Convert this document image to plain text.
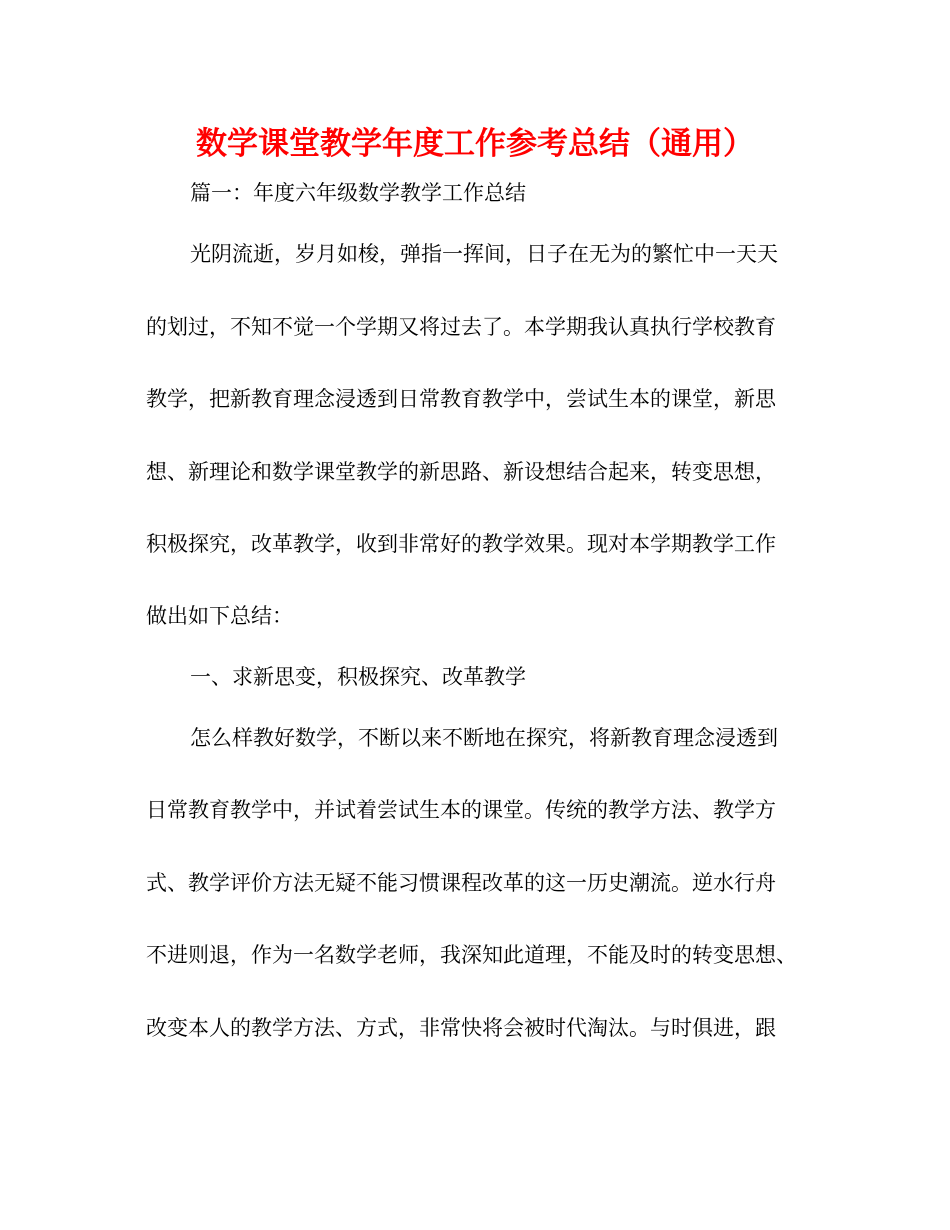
数学课堂教学年度工作参考总结（通用）
篇一：年度六年级数学教学工作总结
光阴流逝，岁月如梭，弹指一挥间，日子在无为的繁忙中一天天
的划过，不知不觉一个学期又将过去了。本学期我认真执行学校教育
教学，把新教育理念浸透到日常教育教学中，尝试生本的课堂，新思
想、新理论和数学课堂教学的新思路、新设想结合起来，转变思想，
积极探究，改革教学，收到非常好的教学效果。现对本学期教学工作
做出如下总结：
一、求新思变，积极探究、改革教学
怎么样教好数学，不断以来不断地在探究，将新教育理念浸透到
日常教育教学中，并试着尝试生本的课堂。传统的教学方法、教学方
式、教学评价方法无疑不能习惯课程改革的这一历史潮流。逆水行舟
不进则退，作为一名数学老师，我深知此道理，不能及时的转变思想、
改变本人的教学方法、方式，非常快将会被时代淘汰。与时俱进，跟
